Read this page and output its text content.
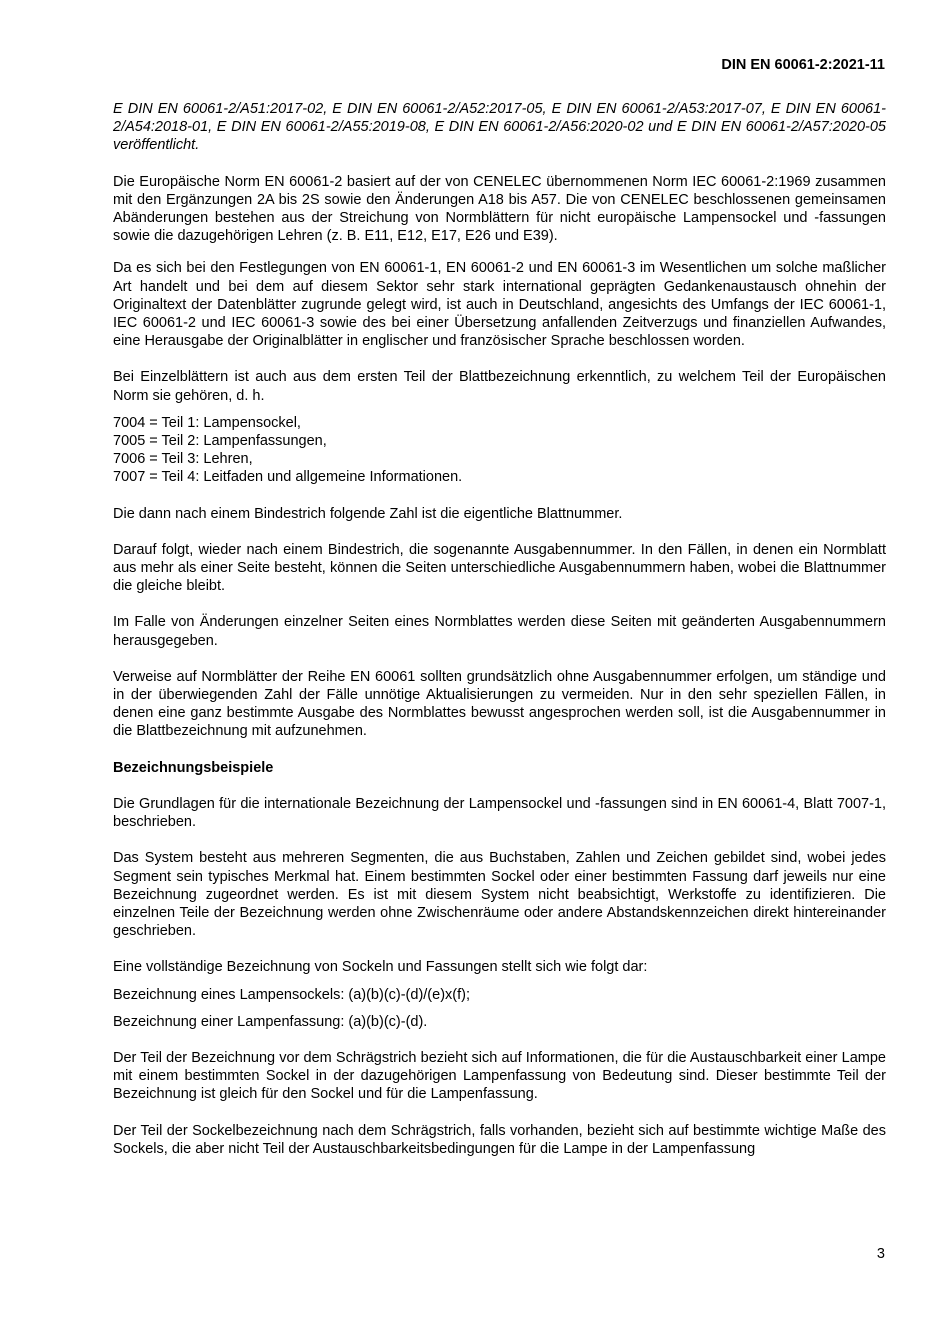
DIN EN 60061-2:2021-11

E DIN EN 60061-2/A51:2017-02, E DIN EN 60061-2/A52:2017-05, E DIN EN 60061-2/A53:2017-07, E DIN EN 60061-2/A54:2018-01, E DIN EN 60061-2/A55:2019-08, E DIN EN 60061-2/A56:2020-02 und E DIN EN 60061-2/A57:2020-05 veröffentlicht.

Die Europäische Norm EN 60061-2 basiert auf der von CENELEC übernommenen Norm IEC 60061-2:1969 zusammen mit den Ergänzungen 2A bis 2S sowie den Änderungen A18 bis A57. Die von CENELEC beschlossenen gemeinsamen Abänderungen bestehen aus der Streichung von Normblättern für nicht europäische Lampensockel und -fassungen sowie die dazugehörigen Lehren (z. B. E11, E12, E17, E26 und E39).

Da es sich bei den Festlegungen von EN 60061-1, EN 60061-2 und EN 60061-3 im Wesentlichen um solche maßlicher Art handelt und bei dem auf diesem Sektor sehr stark international geprägten Gedankenaustausch ohnehin der Originaltext der Datenblätter zugrunde gelegt wird, ist auch in Deutschland, angesichts des Umfangs der IEC 60061-1, IEC 60061-2 und IEC 60061-3 sowie des bei einer Übersetzung anfallenden Zeitverzugs und finanziellen Aufwandes, eine Herausgabe der Originalblätter in englischer und französischer Sprache beschlossen worden.

Bei Einzelblättern ist auch aus dem ersten Teil der Blattbezeichnung erkenntlich, zu welchem Teil der Europäischen Norm sie gehören, d. h.

7004 = Teil 1: Lampensockel,
7005 = Teil 2: Lampenfassungen,
7006 = Teil 3: Lehren,
7007 = Teil 4: Leitfaden und allgemeine Informationen.

Die dann nach einem Bindestrich folgende Zahl ist die eigentliche Blattnummer.

Darauf folgt, wieder nach einem Bindestrich, die sogenannte Ausgabennummer. In den Fällen, in denen ein Normblatt aus mehr als einer Seite besteht, können die Seiten unterschiedliche Ausgabennummern haben, wobei die Blattnummer die gleiche bleibt.

Im Falle von Änderungen einzelner Seiten eines Normblattes werden diese Seiten mit geänderten Ausgabennummern herausgegeben.

Verweise auf Normblätter der Reihe EN 60061 sollten grundsätzlich ohne Ausgabennummer erfolgen, um ständige und in der überwiegenden Zahl der Fälle unnötige Aktualisierungen zu vermeiden. Nur in den sehr speziellen Fällen, in denen eine ganz bestimmte Ausgabe des Normblattes bewusst angesprochen werden soll, ist die Ausgabennummer in die Blattbezeichnung mit aufzunehmen.

Bezeichnungsbeispiele

Die Grundlagen für die internationale Bezeichnung der Lampensockel und -fassungen sind in EN 60061-4, Blatt 7007-1, beschrieben.

Das System besteht aus mehreren Segmenten, die aus Buchstaben, Zahlen und Zeichen gebildet sind, wobei jedes Segment sein typisches Merkmal hat. Einem bestimmten Sockel oder einer bestimmten Fassung darf jeweils nur eine Bezeichnung zugeordnet werden. Es ist mit diesem System nicht beabsichtigt, Werkstoffe zu identifizieren. Die einzelnen Teile der Bezeichnung werden ohne Zwischenräume oder andere Abstandskennzeichen direkt hintereinander geschrieben.

Eine vollständige Bezeichnung von Sockeln und Fassungen stellt sich wie folgt dar:

Bezeichnung eines Lampensockels: (a)(b)(c)-(d)/(e)x(f);

Bezeichnung einer Lampenfassung: (a)(b)(c)-(d).

Der Teil der Bezeichnung vor dem Schrägstrich bezieht sich auf Informationen, die für die Austauschbarkeit einer Lampe mit einem bestimmten Sockel in der dazugehörigen Lampenfassung von Bedeutung sind. Dieser bestimmte Teil der Bezeichnung ist gleich für den Sockel und für die Lampenfassung.

Der Teil der Sockelbezeichnung nach dem Schrägstrich, falls vorhanden, bezieht sich auf bestimmte wichtige Maße des Sockels, die aber nicht Teil der Austauschbarkeitsbedingungen für die Lampe in der Lampenfassung

3
